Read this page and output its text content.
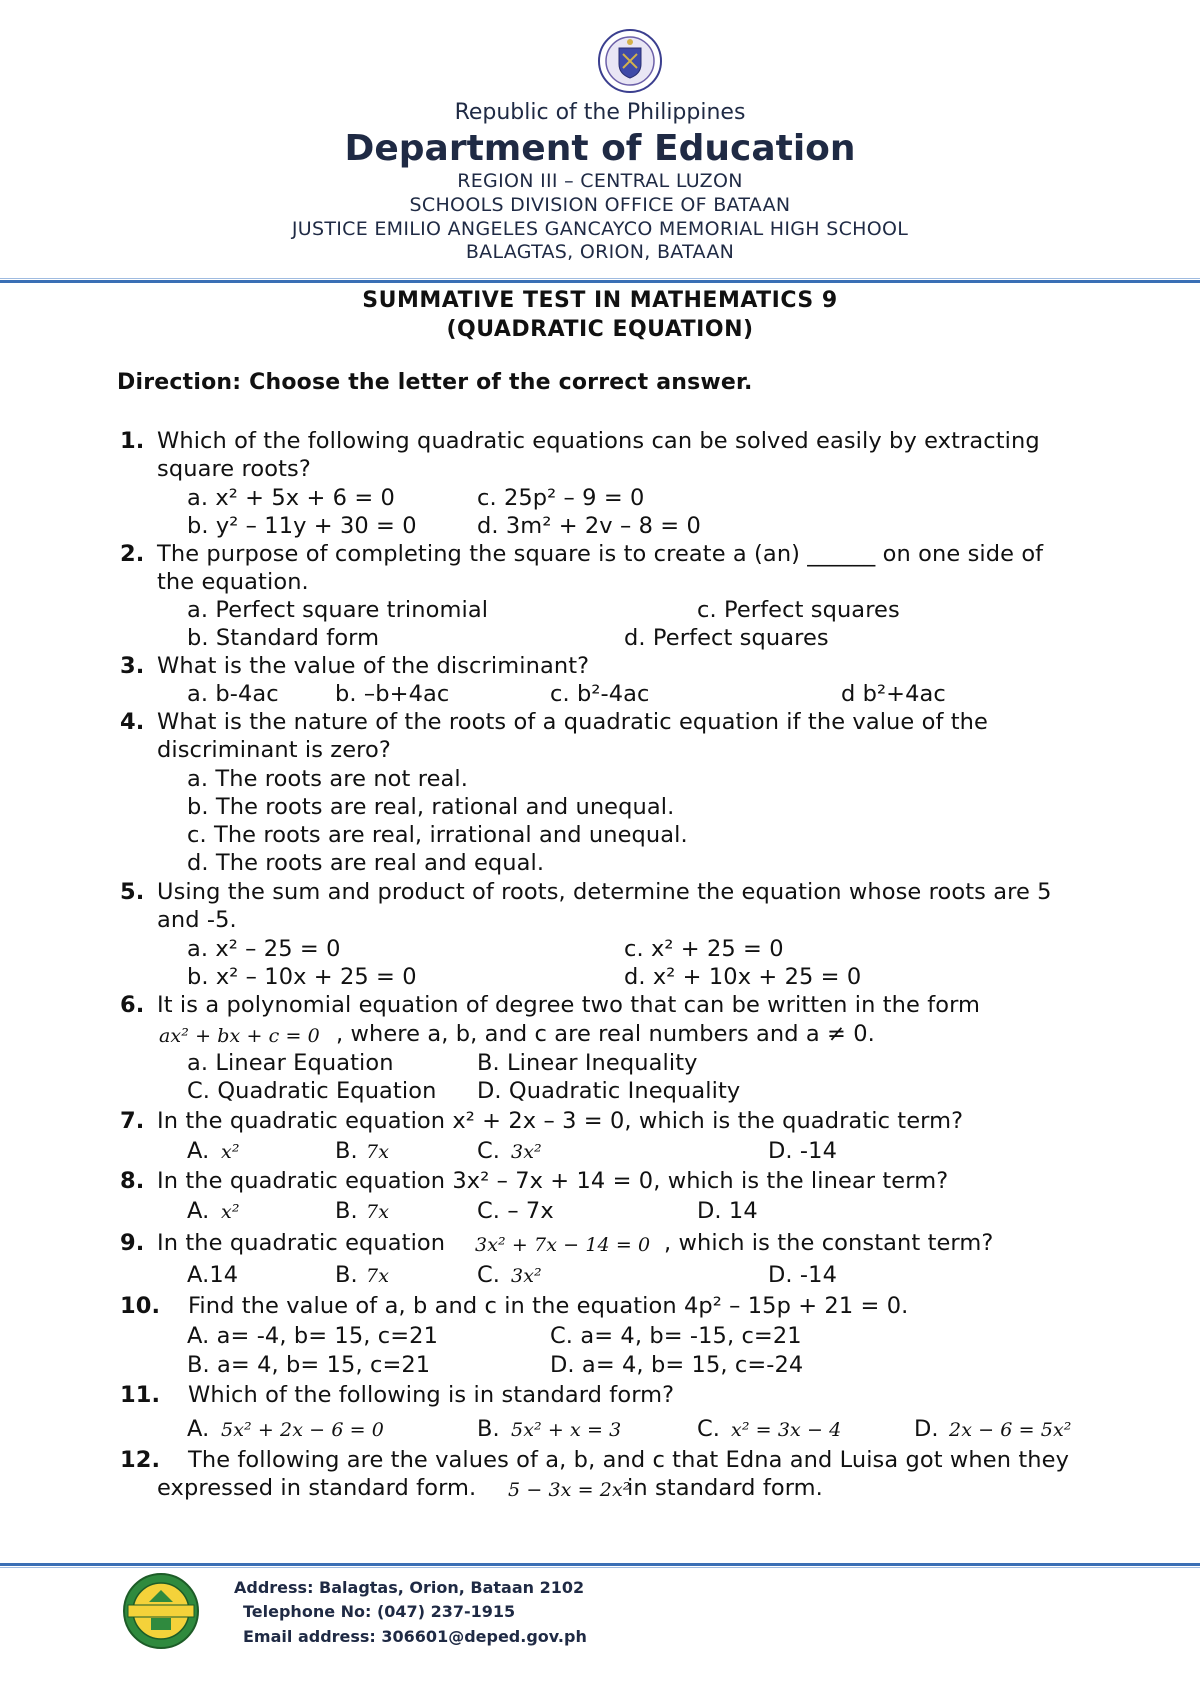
Republic of the Philippines
Department of Education
REGION III – CENTRAL LUZON
SCHOOLS DIVISION OFFICE OF BATAAN
JUSTICE EMILIO ANGELES GANCAYCO MEMORIAL HIGH SCHOOL
BALAGTAS, ORION, BATAAN
SUMMATIVE TEST IN MATHEMATICS 9
(QUADRATIC EQUATION)
Direction: Choose the letter of the correct answer.
1. Which of the following quadratic equations can be solved easily by extracting
square roots?
a. x² + 5x + 6 = 0	c. 25p² – 9 = 0
b. y² – 11y + 30 = 0	d. 3m² + 2v – 8 = 0
2. The purpose of completing the square is to create a (an) ______ on one side of
the equation.
a. Perfect square trinomial	c. Perfect squares
b. Standard form	d. Perfect squares
3. What is the value of the discriminant?
a. b-4ac b. –b+4ac	c. b²-4ac	d b²+4ac
4. What is the nature of the roots of a quadratic equation if the value of the
discriminant is zero?
a. The roots are not real.
b. The roots are real, rational and unequal.
c. The roots are real, irrational and unequal.
d. The roots are real and equal.
5. Using the sum and product of roots, determine the equation whose roots are 5
and -5.
a. x² – 25 = 0	c. x² + 25 = 0
b. x² – 10x + 25 = 0	d. x² + 10x + 25 = 0
6. It is a polynomial equation of degree two that can be written in the form
ax² + bx + c = 0 , where a, b, and c are real numbers and a ≠ 0.
a. Linear Equation	B. Linear Inequality
C. Quadratic Equation D. Quadratic Inequality
7. In the quadratic equation x² + 2x – 3 = 0, which is the quadratic term?
A. x²	B. 7x	C. 3x²	D. -14
8. In the quadratic equation 3x² – 7x + 14 = 0, which is the linear term?
A. x²	B. 7x	C. – 7x	D. 14
9. In the quadratic equation 3x² + 7x − 14 = 0 , which is the constant term?
A.14	B. 7x	C. 3x²	D. -14
10. Find the value of a, b and c in the equation 4p² – 15p + 21 = 0.
A. a= -4, b= 15, c=21	C. a= 4, b= -15, c=21
B. a= 4, b= 15, c=21	D. a= 4, b= 15, c=-24
11. Which of the following is in standard form?
A. 5x² + 2x − 6 = 0	B. 5x² + x = 3	C. x² = 3x − 4	D. 2x − 6 = 5x²
12. The following are the values of a, b, and c that Edna and Luisa got when they
expressed in standard form. 5 − 3x = 2x²
in standard form.
Address: Balagtas, Orion, Bataan 2102
Telephone No: (047) 237-1915
Email address: 306601@deped.gov.ph
